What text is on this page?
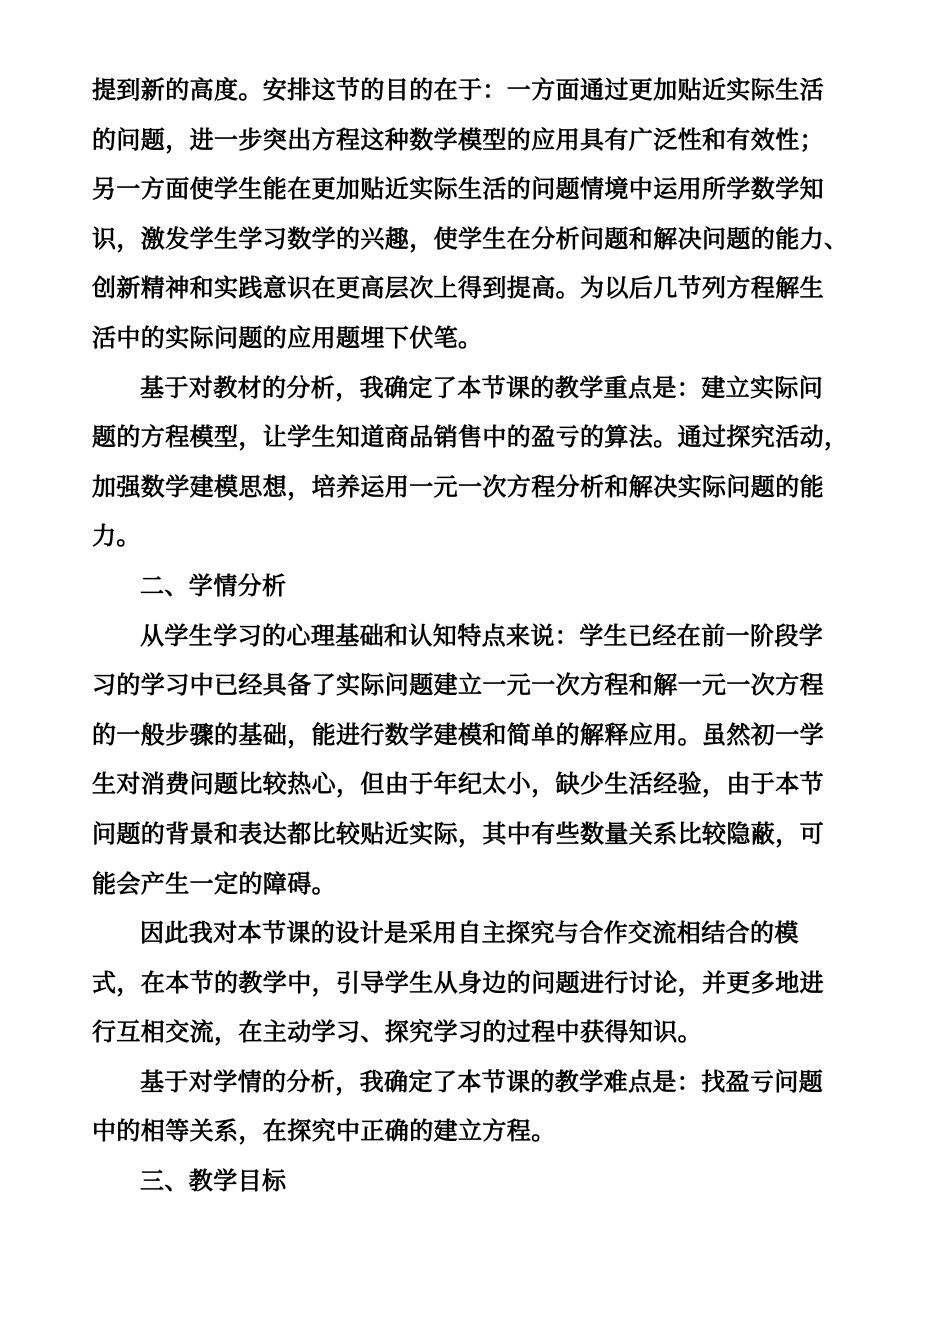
提到新的高度。安排这节的目的在于：一方面通过更加贴近实际生活
的问题，进一步突出方程这种数学模型的应用具有广泛性和有效性；
另一方面使学生能在更加贴近实际生活的问题情境中运用所学数学知
识，激发学生学习数学的兴趣，使学生在分析问题和解决问题的能力、
创新精神和实践意识在更高层次上得到提高。为以后几节列方程解生
活中的实际问题的应用题埋下伏笔。
基于对教材的分析，我确定了本节课的教学重点是：建立实际问
题的方程模型，让学生知道商品销售中的盈亏的算法。通过探究活动，
加强数学建模思想，培养运用一元一次方程分析和解决实际问题的能
力。
二、学情分析
从学生学习的心理基础和认知特点来说：学生已经在前一阶段学
习的学习中已经具备了实际问题建立一元一次方程和解一元一次方程
的一般步骤的基础，能进行数学建模和简单的解释应用。虽然初一学
生对消费问题比较热心，但由于年纪太小，缺少生活经验，由于本节
问题的背景和表达都比较贴近实际，其中有些数量关系比较隐蔽，可
能会产生一定的障碍。
因此我对本节课的设计是采用自主探究与合作交流相结合的模
式，在本节的教学中，引导学生从身边的问题进行讨论，并更多地进
行互相交流，在主动学习、探究学习的过程中获得知识。
基于对学情的分析，我确定了本节课的教学难点是：找盈亏问题
中的相等关系，在探究中正确的建立方程。
三、教学目标
